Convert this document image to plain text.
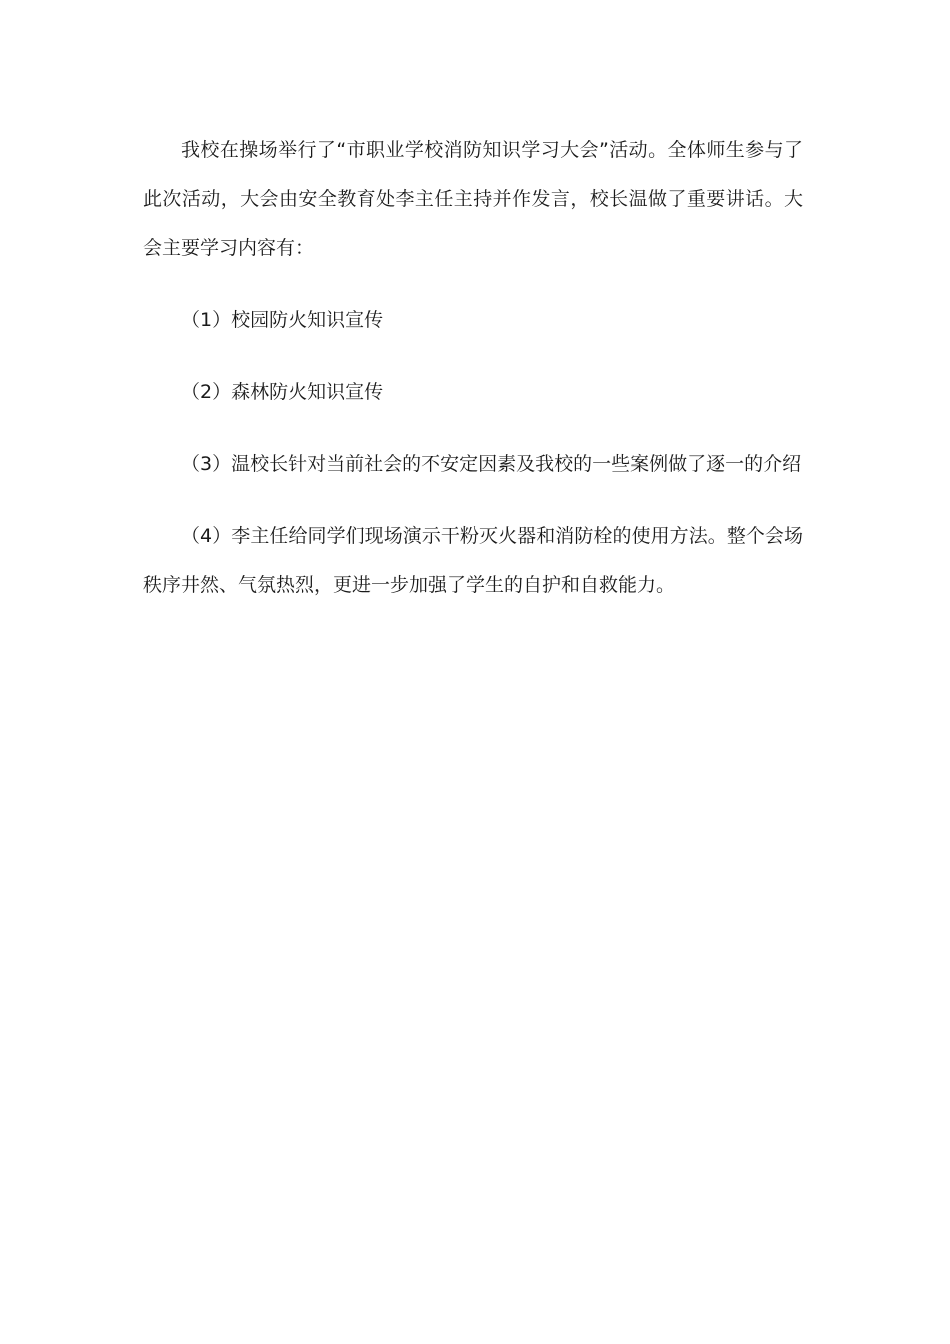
我校在操场举行了“市职业学校消防知识学习大会”活动。全体师生参与了此次活动，大会由安全教育处李主任主持并作发言，校长温做了重要讲话。大会主要学习内容有：

（1）校园防火知识宣传

（2）森林防火知识宣传

（3）温校长针对当前社会的不安定因素及我校的一些案例做了逐一的介绍

（4）李主任给同学们现场演示干粉灭火器和消防栓的使用方法。整个会场秩序井然、气氛热烈，更进一步加强了学生的自护和自救能力。
